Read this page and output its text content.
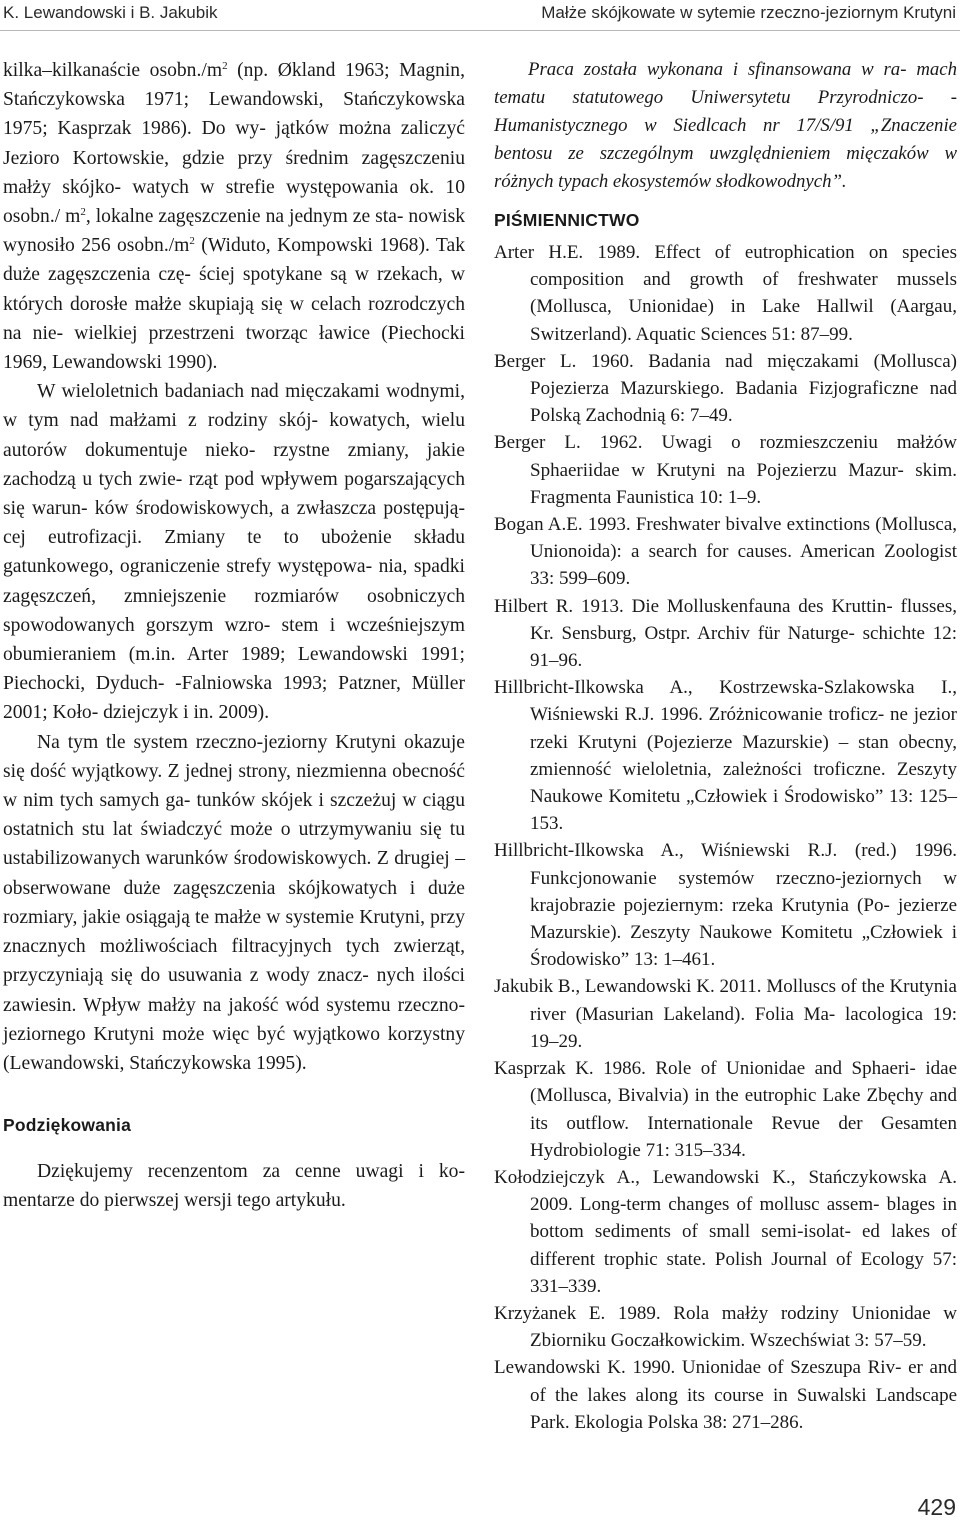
K. Lewandowski i B. Jakubik	Małże skójkowate w sytemie rzeczno-jeziornym Krutyni

kilka–kilkanaście $osobn./m^2$ (np. Økland 1963; Magnin, Stańczykowska 1971; Lewandowski, Stańczykowska 1975; Kasprzak 1986). Do wy- jątków można zaliczyć Jezioro Kortowskie, gdzie przy średnim zagęszczeniu małży skójko- watych w strefie występowania ok. 10 osobn./ $m^2$, lokalne zagęszczenie na jednym ze sta- nowisk wynosiło 256 $osobn./m^2$ (Widuto, Kompowski 1968). Tak duże zagęszczenia czę- ściej spotykane są w rzekach, w których dorosłe małże skupiają się w celach rozrodczych na nie- wielkiej przestrzeni tworząc ławice (Piechocki 1969, Lewandowski 1990).

W wieloletnich badaniach nad mięczakami wodnymi, w tym nad małżami z rodziny skój- kowatych, wielu autorów dokumentuje nieko- rzystne zmiany, jakie zachodzą u tych zwie- rząt pod wpływem pogarszających się warun- ków środowiskowych, a zwłaszcza postępują- cej eutrofizacji. Zmiany te to ubożenie składu gatunkowego, ograniczenie strefy występowa- nia, spadki zagęszczeń, zmniejszenie rozmiarów osobniczych spowodowanych gorszym wzro- stem i wcześniejszym obumieraniem (m.in. Arter 1989; Lewandowski 1991; Piechocki, Dyduch- -Falniowska 1993; Patzner, Müller 2001; Koło- dziejczyk i in. 2009).

Na tym tle system rzeczno-jeziorny Krutyni okazuje się dość wyjątkowy. Z jednej strony, niezmienna obecność w nim tych samych ga- tunków skójek i szczeżuj w ciągu ostatnich stu lat świadczyć może o utrzymywaniu się tu ustabilizowanych warunków środowiskowych. Z drugiej – obserwowane duże zagęszczenia skójkowatych i duże rozmiary, jakie osiągają te małże w systemie Krutyni, przy znacznych możliwościach filtracyjnych tych zwierząt, przyczyniają się do usuwania z wody znacz- nych ilości zawiesin. Wpływ małży na jakość wód systemu rzeczno-jeziornego Krutyni może więc być wyjątkowo korzystny (Lewandowski, Stańczykowska 1995).

Podziękowania

Dziękujemy recenzentom za cenne uwagi i ko- mentarze do pierwszej wersji tego artykułu.

Praca została wykonana i sfinansowana w ra- mach tematu statutowego Uniwersytetu Przyrodniczo- -Humanistycznego w Siedlcach nr 17/S/91 „Znaczenie bentosu ze szczególnym uwzględnieniem mięczaków w różnych typach ekosystemów słodkowodnych”.

PIŚMIENNICTWO
Arter H.E. 1989. Effect of eutrophication on species composition and growth of freshwater mussels (Mollusca, Unionidae) in Lake Hallwil (Aargau, Switzerland). Aquatic Sciences 51: 87–99.
Berger L. 1960. Badania nad mięczakami (Mollusca) Pojezierza Mazurskiego. Badania Fizjograficzne nad Polską Zachodnią 6: 7–49.
Berger L. 1962. Uwagi o rozmieszczeniu małżów Sphaeriidae w Krutyni na Pojezierzu Mazur- skim. Fragmenta Faunistica 10: 1–9.
Bogan A.E. 1993. Freshwater bivalve extinctions (Mollusca, Unionoida): a search for causes. American Zoologist 33: 599–609.
Hilbert R. 1913. Die Molluskenfauna des Kruttin- flusses, Kr. Sensburg, Ostpr. Archiv für Naturge- schichte 12: 91–96.
Hillbricht-Ilkowska A., Kostrzewska-Szlakowska I., Wiśniewski R.J. 1996. Zróżnicowanie troficz- ne jezior rzeki Krutyni (Pojezierze Mazurskie) – stan obecny, zmienność wieloletnia, zależności troficzne. Zeszyty Naukowe Komitetu „Człowiek i Środowisko” 13: 125–153.
Hillbricht-Ilkowska A., Wiśniewski R.J. (red.) 1996. Funkcjonowanie systemów rzeczno-jeziornych w krajobrazie pojeziernym: rzeka Krutynia (Po- jezierze Mazurskie). Zeszyty Naukowe Komitetu „Człowiek i Środowisko” 13: 1–461.
Jakubik B., Lewandowski K. 2011. Molluscs of the Krutynia river (Masurian Lakeland). Folia Ma- lacologica 19: 19–29.
Kasprzak K. 1986. Role of Unionidae and Sphaeri- idae (Mollusca, Bivalvia) in the eutrophic Lake Zbęchy and its outflow. Internationale Revue der Gesamten Hydrobiologie 71: 315–334.
Kołodziejczyk A., Lewandowski K., Stańczykowska A. 2009. Long-term changes of mollusc assem- blages in bottom sediments of small semi-isolat- ed lakes of different trophic state. Polish Journal of Ecology 57: 331–339.
Krzyżanek E. 1989. Rola małży rodziny Unionidae w Zbiorniku Goczałkowickim. Wszechświat 3: 57–59.
Lewandowski K. 1990. Unionidae of Szeszupa Riv- er and of the lakes along its course in Suwalski Landscape Park. Ekologia Polska 38: 271–286.
429
